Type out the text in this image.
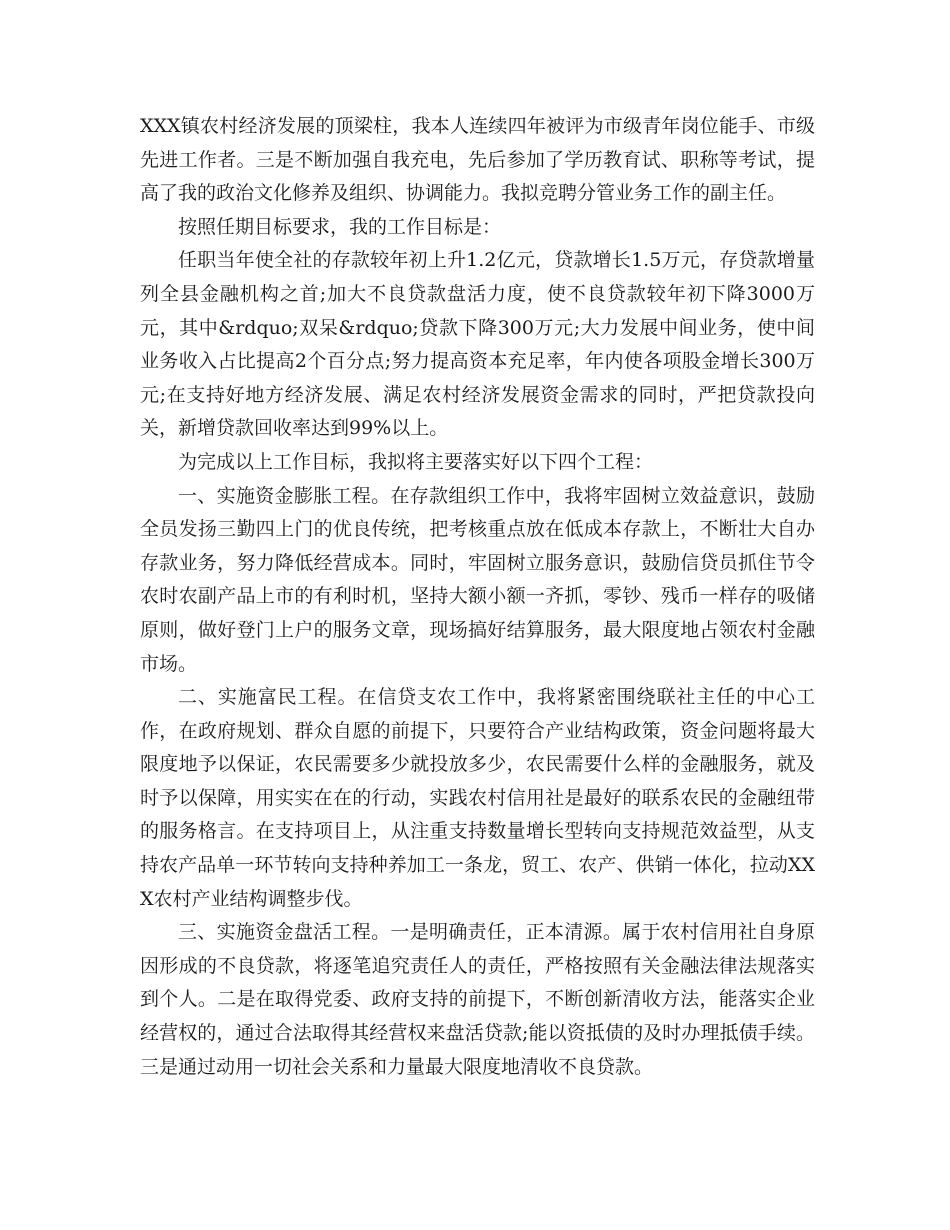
XXX镇农村经济发展的顶梁柱，我本人连续四年被评为市级青年岗位能手、市级先进工作者。三是不断加强自我充电，先后参加了学历教育试、职称等考试，提高了我的政治文化修养及组织、协调能力。我拟竞聘分管业务工作的副主任。

按照任期目标要求，我的工作目标是：

任职当年使全社的存款较年初上升1.2亿元，贷款增长1.5万元，存贷款增量列全县金融机构之首;加大不良贷款盘活力度，使不良贷款较年初下降3000万元，其中&rdquo;双呆&rdquo;贷款下降300万元;大力发展中间业务，使中间业务收入占比提高2个百分点;努力提高资本充足率，年内使各项股金增长300万元;在支持好地方经济发展、满足农村经济发展资金需求的同时，严把贷款投向关，新增贷款回收率达到99%以上。

为完成以上工作目标，我拟将主要落实好以下四个工程：

一、实施资金膨胀工程。在存款组织工作中，我将牢固树立效益意识，鼓励全员发扬三勤四上门的优良传统，把考核重点放在低成本存款上，不断壮大自办存款业务，努力降低经营成本。同时，牢固树立服务意识，鼓励信贷员抓住节令农时农副产品上市的有利时机，坚持大额小额一齐抓，零钞、残币一样存的吸储原则，做好登门上户的服务文章，现场搞好结算服务，最大限度地占领农村金融市场。

二、实施富民工程。在信贷支农工作中，我将紧密围绕联社主任的中心工作，在政府规划、群众自愿的前提下，只要符合产业结构政策，资金问题将最大限度地予以保证，农民需要多少就投放多少，农民需要什么样的金融服务，就及时予以保障，用实实在在的行动，实践农村信用社是最好的联系农民的金融纽带的服务格言。在支持项目上，从注重支持数量增长型转向支持规范效益型，从支持农产品单一环节转向支持种养加工一条龙，贸工、农产、供销一体化，拉动XXX农村产业结构调整步伐。

三、实施资金盘活工程。一是明确责任，正本清源。属于农村信用社自身原因形成的不良贷款，将逐笔追究责任人的责任，严格按照有关金融法律法规落实到个人。二是在取得党委、政府支持的前提下，不断创新清收方法，能落实企业经营权的，通过合法取得其经营权来盘活贷款;能以资抵债的及时办理抵债手续。三是通过动用一切社会关系和力量最大限度地清收不良贷款。
